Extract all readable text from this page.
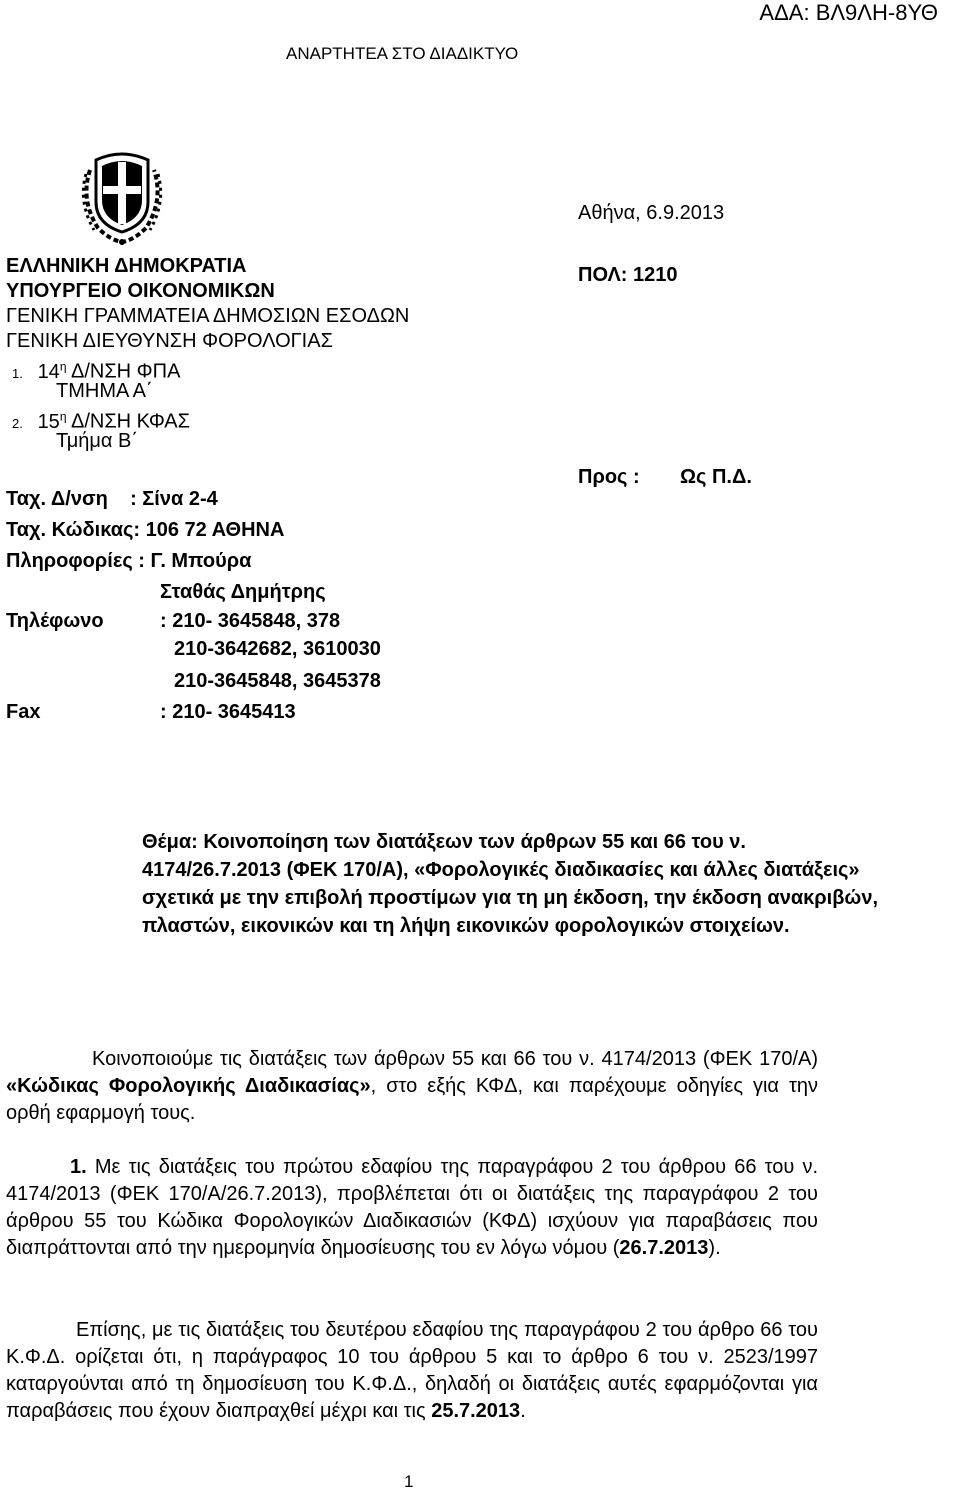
ΑΔΑ: ΒΛ9ΛΗ-8ΥΘ
ΑΝΑΡΤΗΤΕΑ ΣΤΟ ΔΙΑΔΙΚΤΥΟ
ΕΛΛΗΝΙΚΗ ΔΗΜΟΚΡΑΤΙΑ
ΥΠΟΥΡΓΕΙΟ ΟΙΚΟΝΟΜΙΚΩΝ
ΓΕΝΙΚΗ ΓΡΑΜΜΑΤΕΙΑ ΔΗΜΟΣΙΩΝ ΕΣΟΔΩΝ
ΓΕΝΙΚΗ ΔΙΕΥΘΥΝΣΗ ΦΟΡΟΛΟΓΙΑΣ
1. $14^\eta$ Δ/ΝΣΗ ΦΠΑ
ΤΜΗΜΑ Α΄
2. $15^\eta$ Δ/ΝΣΗ ΚΦΑΣ
Τμήμα Β΄
Ταχ. Δ/νση    : Σίνα 2-4
Ταχ. Κώδικας: 106 72 ΑΘΗΝΑ
Πληροφορίες : Γ. Μπούρα
Σταθάς Δημήτρης
Τηλέφωνο	: 210- 3645848, 378
210-3642682, 3610030
210-3645848, 3645378
Fax	: 210- 3645413
Αθήνα, 6.9.2013
ΠΟΛ: 1210
Προς : Ως Π.Δ.
Θέμα: Κοινοποίηση των διατάξεων των άρθρων 55 και 66 του ν. 4174/26.7.2013 (ΦΕΚ 170/Α), «Φορολογικές διαδικασίες και άλλες διατάξεις» σχετικά με την επιβολή προστίμων για τη μη έκδοση, την έκδοση ανακριβών, πλαστών, εικονικών και τη λήψη εικονικών φορολογικών στοιχείων.
Κοινοποιούμε τις διατάξεις των άρθρων 55 και 66 του ν. 4174/2013 (ΦΕΚ 170/Α) «Κώδικας Φορολογικής Διαδικασίας», στο εξής ΚΦΔ, και παρέχουμε οδηγίες για την ορθή εφαρμογή τους.
1. Με τις διατάξεις του πρώτου εδαφίου της παραγράφου 2 του άρθρου 66 του ν. 4174/2013 (ΦΕΚ 170/Α/26.7.2013), προβλέπεται ότι οι διατάξεις της παραγράφου 2 του άρθρου 55 του Κώδικα Φορολογικών Διαδικασιών (ΚΦΔ) ισχύουν για παραβάσεις που διαπράττονται από την ημερομηνία δημοσίευσης του εν λόγω νόμου (26.7.2013).
Επίσης, με τις διατάξεις του δευτέρου εδαφίου της παραγράφου 2 του άρθρο 66 του Κ.Φ.Δ. ορίζεται ότι, η παράγραφος 10 του άρθρου 5 και το άρθρο 6 του ν. 2523/1997 καταργούνται από τη δημοσίευση του Κ.Φ.Δ., δηλαδή οι διατάξεις αυτές εφαρμόζονται για παραβάσεις που έχουν διαπραχθεί μέχρι και τις 25.7.2013.
1
